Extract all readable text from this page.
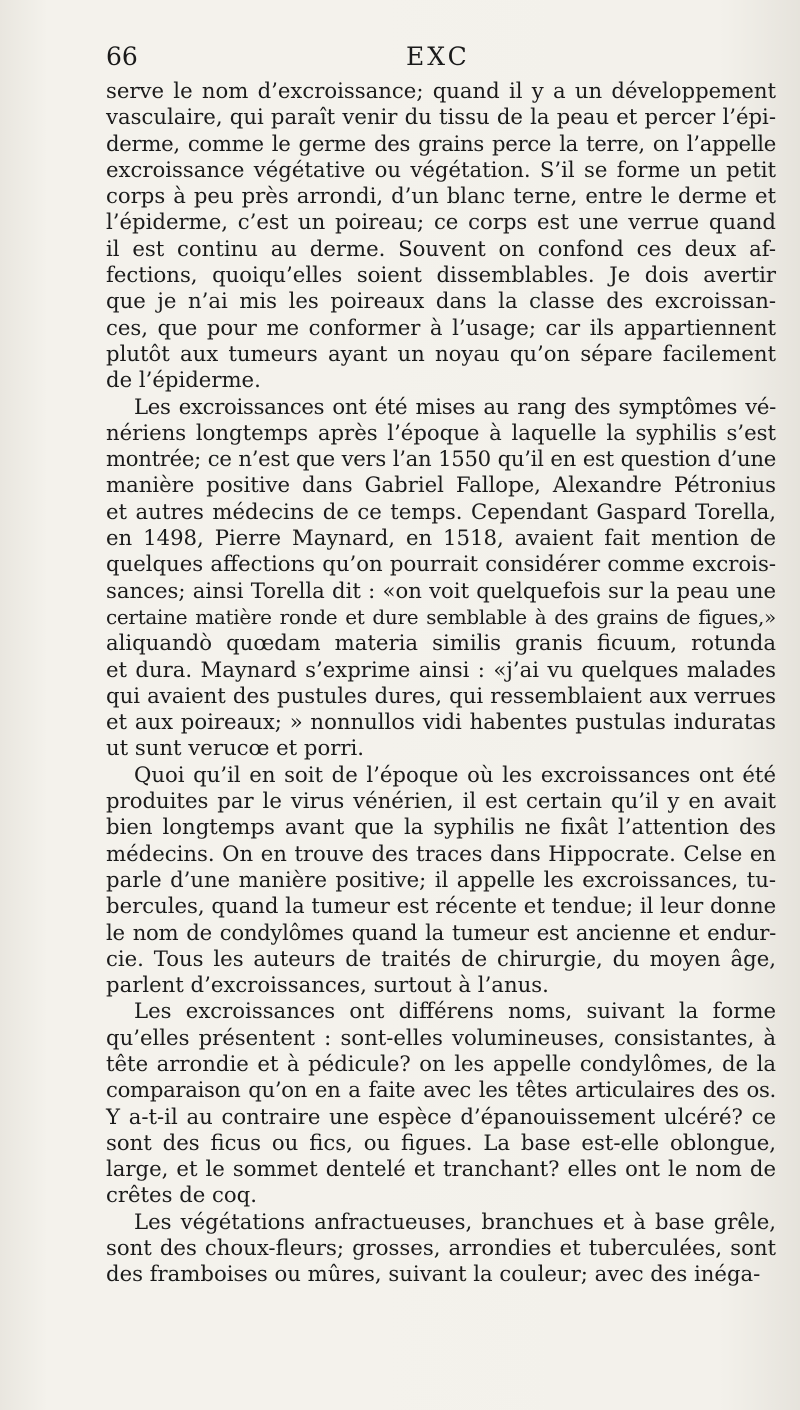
66	EXC

serve le nom d’excroissance; quand il y a un développement
vasculaire, qui paraît venir du tissu de la peau et percer l’épi-
derme, comme le germe des grains perce la terre, on l’appelle
excroissance végétative ou végétation. S’il se forme un petit
corps à peu près arrondi, d’un blanc terne, entre le derme et
l’épiderme, c’est un poireau; ce corps est une verrue quand
il est continu au derme. Souvent on confond ces deux af-
fections, quoiqu’elles soient dissemblables. Je dois avertir
que je n’ai mis les poireaux dans la classe des excroissan-
ces, que pour me conformer à l’usage; car ils appartiennent
plutôt aux tumeurs ayant un noyau qu’on sépare facilement
de l’épiderme.

Les excroissances ont été mises au rang des symptômes vé-
nériens longtemps après l’époque à laquelle la syphilis s’est
montrée; ce n’est que vers l’an 1550 qu’il en est question d’une
manière positive dans Gabriel Fallope, Alexandre Pétronius
et autres médecins de ce temps. Cependant Gaspard Torella,
en 1498, Pierre Maynard, en 1518, avaient fait mention de
quelques affections qu’on pourrait considérer comme excrois-
sances; ainsi Torella dit : «on voit quelquefois sur la peau une
certaine matière ronde et dure semblable à des grains de figues,»
aliquandò quœdam materia similis granis ficuum, rotunda
et dura. Maynard s’exprime ainsi : «j’ai vu quelques malades
qui avaient des pustules dures, qui ressemblaient aux verrues
et aux poireaux; » nonnullos vidi habentes pustulas induratas
ut sunt verucœ et porri.

Quoi qu’il en soit de l’époque où les excroissances ont été
produites par le virus vénérien, il est certain qu’il y en avait
bien longtemps avant que la syphilis ne fixât l’attention des
médecins. On en trouve des traces dans Hippocrate. Celse en
parle d’une manière positive; il appelle les excroissances, tu-
bercules, quand la tumeur est récente et tendue; il leur donne
le nom de condylômes quand la tumeur est ancienne et endur-
cie. Tous les auteurs de traités de chirurgie, du moyen âge,
parlent d’excroissances, surtout à l’anus.

Les excroissances ont différens noms, suivant la forme
qu’elles présentent : sont-elles volumineuses, consistantes, à
tête arrondie et à pédicule? on les appelle condylômes, de la
comparaison qu’on en a faite avec les têtes articulaires des os.
Y a-t-il au contraire une espèce d’épanouissement ulcéré? ce
sont des ficus ou fics, ou figues. La base est-elle oblongue,
large, et le sommet dentelé et tranchant? elles ont le nom de
crêtes de coq.

Les végétations anfractueuses, branchues et à base grêle,
sont des choux-fleurs; grosses, arrondies et tuberculées, sont
des framboises ou mûres, suivant la couleur; avec des inéga-
